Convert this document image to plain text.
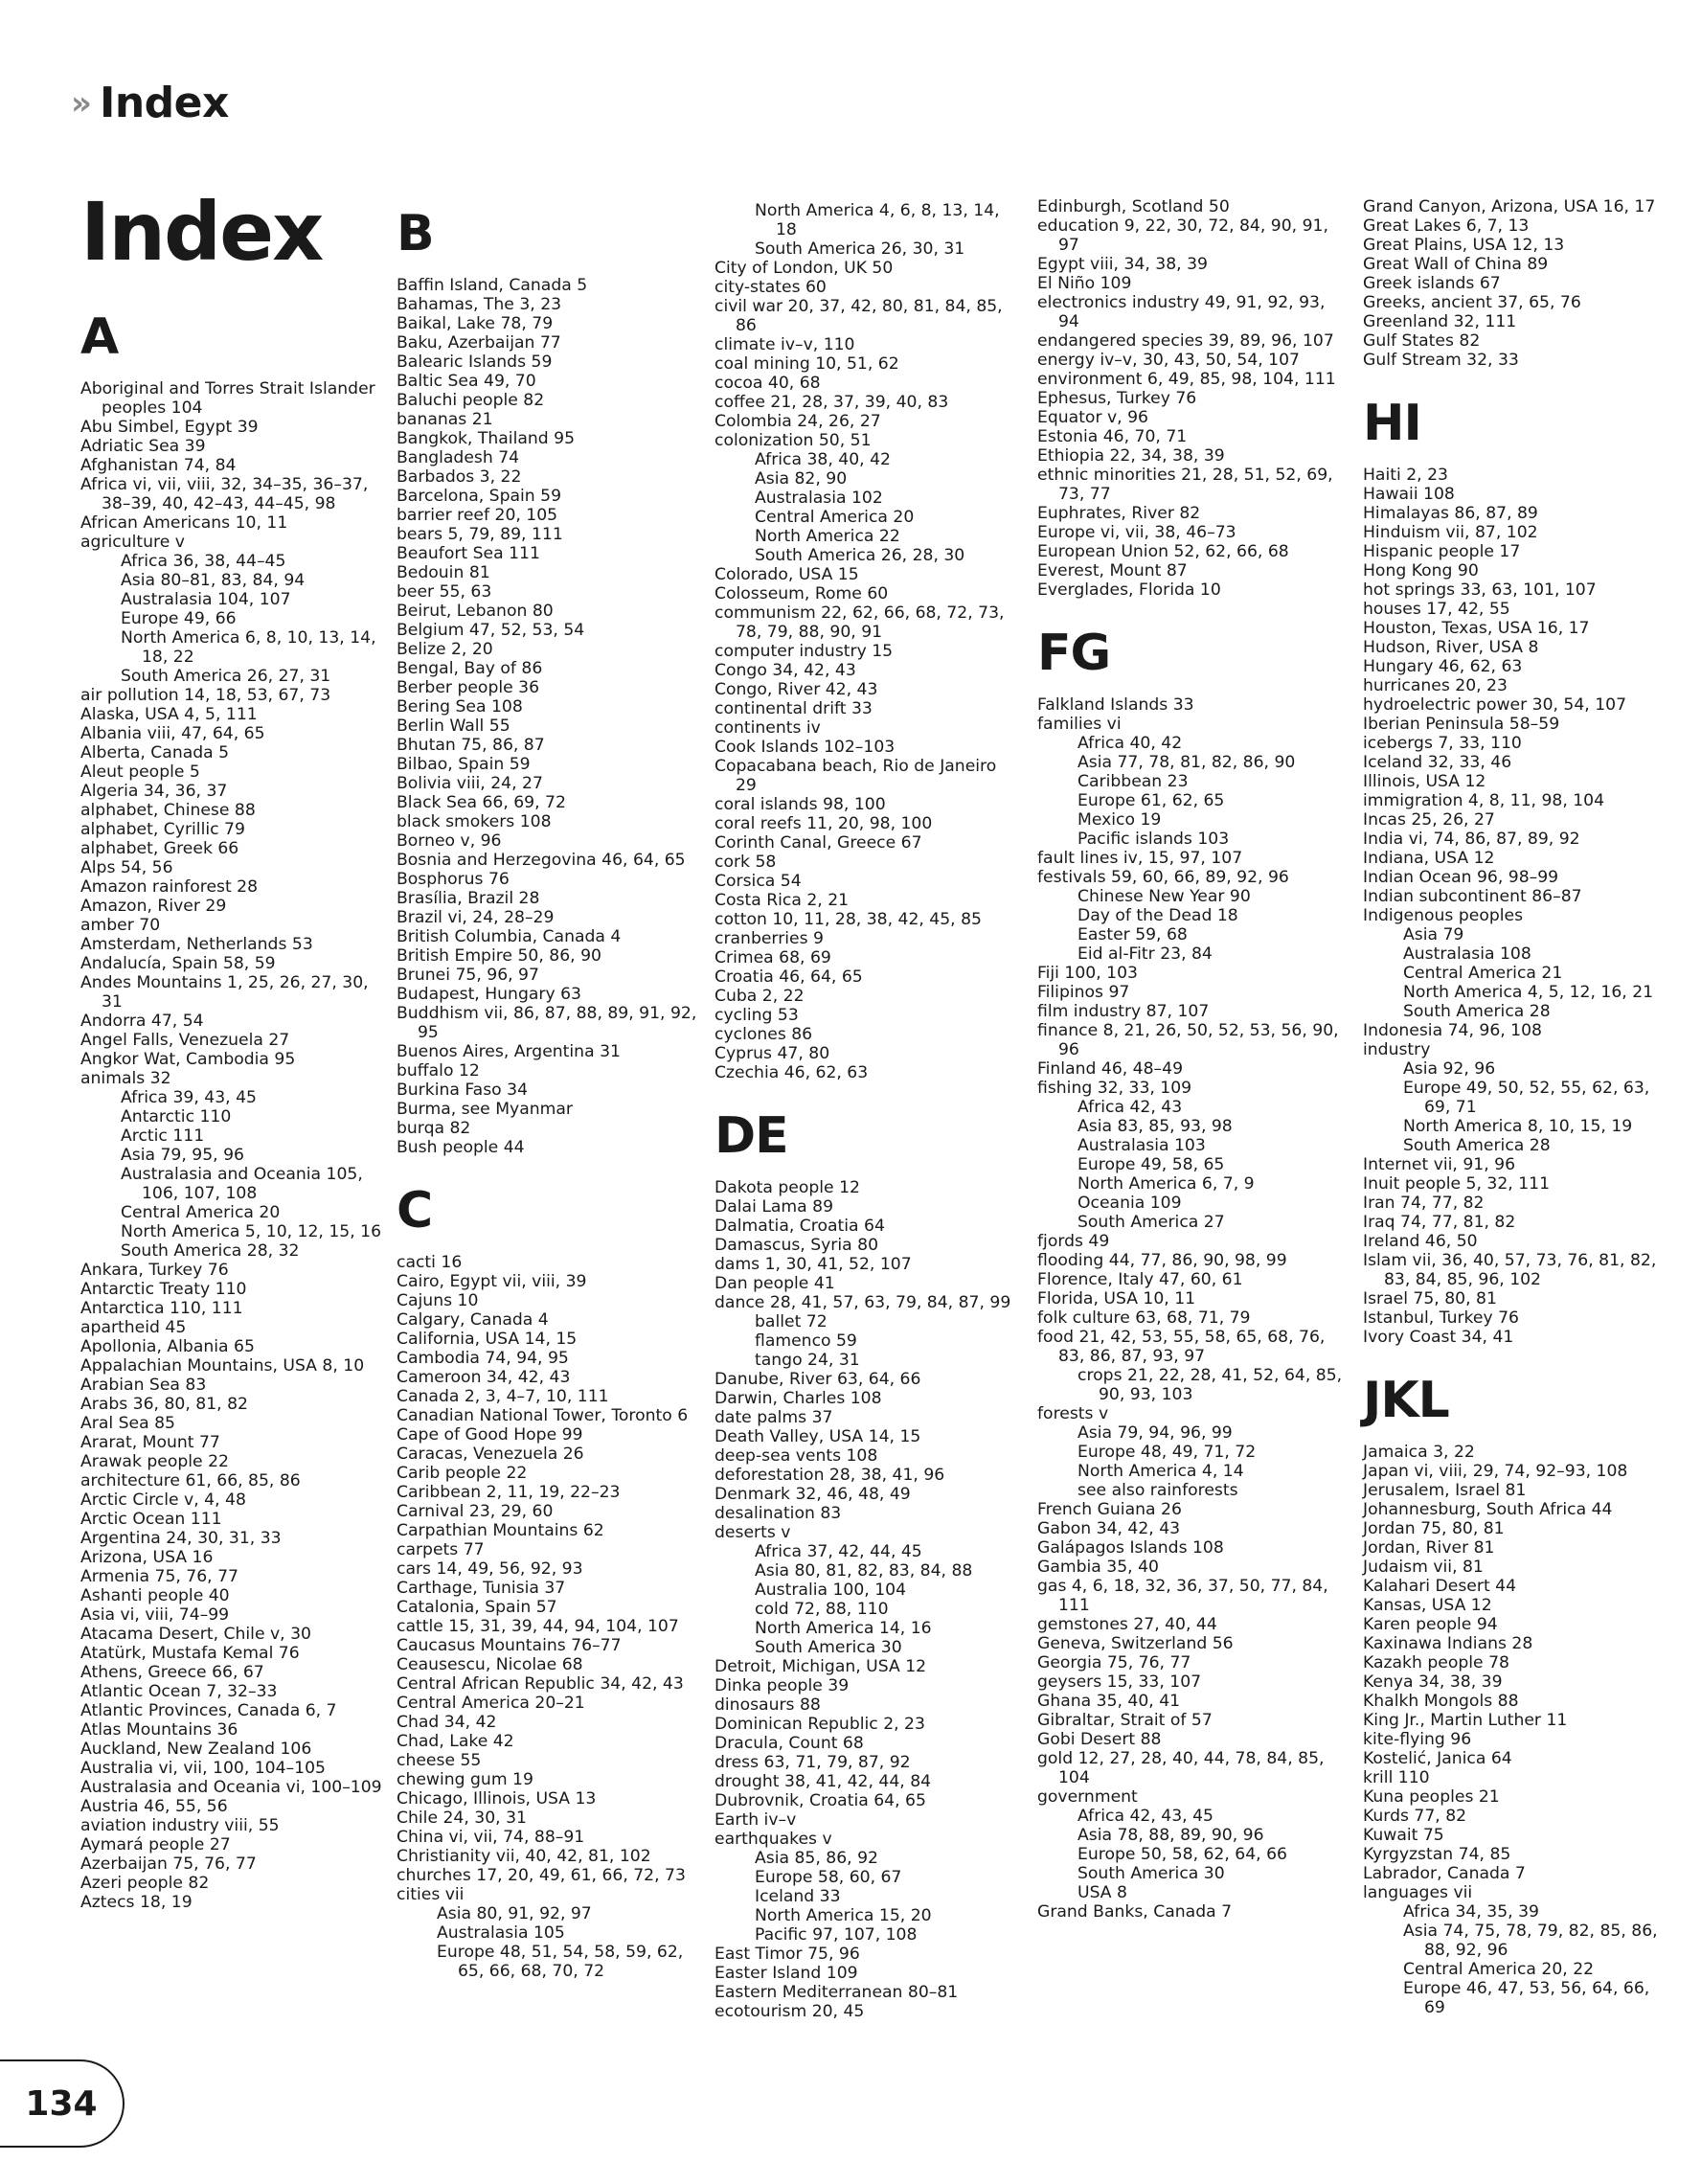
» Index
Index
A
Aboriginal and Torres Strait Islander peoples 104
Abu Simbel, Egypt 39
Adriatic Sea 39
Afghanistan 74, 84
Africa vi, vii, viii, 32, 34–35, 36–37, 38–39, 40, 42–43, 44–45, 98
African Americans 10, 11
agriculture v
Africa 36, 38, 44–45
Asia 80–81, 83, 84, 94
Australasia 104, 107
Europe 49, 66
North America 6, 8, 10, 13, 14, 18, 22
South America 26, 27, 31
air pollution 14, 18, 53, 67, 73
Alaska, USA 4, 5, 111
Albania viii, 47, 64, 65
Alberta, Canada 5
Aleut people 5
Algeria 34, 36, 37
alphabet, Chinese 88
alphabet, Cyrillic 79
alphabet, Greek 66
Alps 54, 56
Amazon rainforest 28
Amazon, River 29
amber 70
Amsterdam, Netherlands 53
Andalucía, Spain 58, 59
Andes Mountains 1, 25, 26, 27, 30, 31
Andorra 47, 54
Angel Falls, Venezuela 27
Angkor Wat, Cambodia 95
animals 32
Africa 39, 43, 45
Antarctic 110
Arctic 111
Asia 79, 95, 96
Australasia and Oceania 105, 106, 107, 108
Central America 20
North America 5, 10, 12, 15, 16
South America 28, 32
Ankara, Turkey 76
Antarctic Treaty 110
Antarctica 110, 111
apartheid 45
Apollonia, Albania 65
Appalachian Mountains, USA 8, 10
Arabian Sea 83
Arabs 36, 80, 81, 82
Aral Sea 85
Ararat, Mount 77
Arawak people 22
architecture 61, 66, 85, 86
Arctic Circle v, 4, 48
Arctic Ocean 111
Argentina 24, 30, 31, 33
Arizona, USA 16
Armenia 75, 76, 77
Ashanti people 40
Asia vi, viii, 74–99
Atacama Desert, Chile v, 30
Atatürk, Mustafa Kemal 76
Athens, Greece 66, 67
Atlantic Ocean 7, 32–33
Atlantic Provinces, Canada 6, 7
Atlas Mountains 36
Auckland, New Zealand 106
Australia vi, vii, 100, 104–105
Australasia and Oceania vi, 100–109
Austria 46, 55, 56
aviation industry viii, 55
Aymará people 27
Azerbaijan 75, 76, 77
Azeri people 82
Aztecs 18, 19
B
Baffin Island, Canada 5
Bahamas, The 3, 23
Baikal, Lake 78, 79
Baku, Azerbaijan 77
Balearic Islands 59
Baltic Sea 49, 70
Baluchi people 82
bananas 21
Bangkok, Thailand 95
Bangladesh 74
Barbados 3, 22
Barcelona, Spain 59
barrier reef 20, 105
bears 5, 79, 89, 111
Beaufort Sea 111
Bedouin 81
beer 55, 63
Beirut, Lebanon 80
Belgium 47, 52, 53, 54
Belize 2, 20
Bengal, Bay of 86
Berber people 36
Bering Sea 108
Berlin Wall 55
Bhutan 75, 86, 87
Bilbao, Spain 59
Bolivia viii, 24, 27
Black Sea 66, 69, 72
black smokers 108
Borneo v, 96
Bosnia and Herzegovina 46, 64, 65
Bosphorus 76
Brasília, Brazil 28
Brazil vi, 24, 28–29
British Columbia, Canada 4
British Empire 50, 86, 90
Brunei 75, 96, 97
Budapest, Hungary 63
Buddhism vii, 86, 87, 88, 89, 91, 92, 95
Buenos Aires, Argentina 31
buffalo 12
Burkina Faso 34
Burma, see Myanmar
burqa 82
Bush people 44
C
cacti 16
Cairo, Egypt vii, viii, 39
Cajuns 10
Calgary, Canada 4
California, USA 14, 15
Cambodia 74, 94, 95
Cameroon 34, 42, 43
Canada 2, 3, 4–7, 10, 111
Canadian National Tower, Toronto 6
Cape of Good Hope 99
Caracas, Venezuela 26
Carib people 22
Caribbean 2, 11, 19, 22–23
Carnival 23, 29, 60
Carpathian Mountains 62
carpets 77
cars 14, 49, 56, 92, 93
Carthage, Tunisia 37
Catalonia, Spain 57
cattle 15, 31, 39, 44, 94, 104, 107
Caucasus Mountains 76–77
Ceausescu, Nicolae 68
Central African Republic 34, 42, 43
Central America 20–21
Chad 34, 42
Chad, Lake 42
cheese 55
chewing gum 19
Chicago, Illinois, USA 13
Chile 24, 30, 31
China vi, vii, 74, 88–91
Christianity vii, 40, 42, 81, 102
churches 17, 20, 49, 61, 66, 72, 73
cities vii
Asia 80, 91, 92, 97
Australasia 105
Europe 48, 51, 54, 58, 59, 62, 65, 66, 68, 70, 72
North America 4, 6, 8, 13, 14, 18
South America 26, 30, 31
City of London, UK 50
city-states 60
civil war 20, 37, 42, 80, 81, 84, 85, 86
climate iv–v, 110
coal mining 10, 51, 62
cocoa 40, 68
coffee 21, 28, 37, 39, 40, 83
Colombia 24, 26, 27
colonization 50, 51
Africa 38, 40, 42
Asia 82, 90
Australasia 102
Central America 20
North America 22
South America 26, 28, 30
Colorado, USA 15
Colosseum, Rome 60
communism 22, 62, 66, 68, 72, 73, 78, 79, 88, 90, 91
computer industry 15
Congo 34, 42, 43
Congo, River 42, 43
continental drift 33
continents iv
Cook Islands 102–103
Copacabana beach, Rio de Janeiro 29
coral islands 98, 100
coral reefs 11, 20, 98, 100
Corinth Canal, Greece 67
cork 58
Corsica 54
Costa Rica 2, 21
cotton 10, 11, 28, 38, 42, 45, 85
cranberries 9
Crimea 68, 69
Croatia 46, 64, 65
Cuba 2, 22
cycling 53
cyclones 86
Cyprus 47, 80
Czechia 46, 62, 63
DE
Dakota people 12
Dalai Lama 89
Dalmatia, Croatia 64
Damascus, Syria 80
dams 1, 30, 41, 52, 107
Dan people 41
dance 28, 41, 57, 63, 79, 84, 87, 99
ballet 72
flamenco 59
tango 24, 31
Danube, River 63, 64, 66
Darwin, Charles 108
date palms 37
Death Valley, USA 14, 15
deep-sea vents 108
deforestation 28, 38, 41, 96
Denmark 32, 46, 48, 49
desalination 83
deserts v
Africa 37, 42, 44, 45
Asia 80, 81, 82, 83, 84, 88
Australia 100, 104
cold 72, 88, 110
North America 14, 16
South America 30
Detroit, Michigan, USA 12
Dinka people 39
dinosaurs 88
Dominican Republic 2, 23
Dracula, Count 68
dress 63, 71, 79, 87, 92
drought 38, 41, 42, 44, 84
Dubrovnik, Croatia 64, 65
Earth iv–v
earthquakes v
Asia 85, 86, 92
Europe 58, 60, 67
Iceland 33
North America 15, 20
Pacific 97, 107, 108
East Timor 75, 96
Easter Island 109
Eastern Mediterranean 80–81
ecotourism 20, 45
Edinburgh, Scotland 50
education 9, 22, 30, 72, 84, 90, 91, 97
Egypt viii, 34, 38, 39
El Niño 109
electronics industry 49, 91, 92, 93, 94
endangered species 39, 89, 96, 107
energy iv–v, 30, 43, 50, 54, 107
environment 6, 49, 85, 98, 104, 111
Ephesus, Turkey 76
Equator v, 96
Estonia 46, 70, 71
Ethiopia 22, 34, 38, 39
ethnic minorities 21, 28, 51, 52, 69, 73, 77
Euphrates, River 82
Europe vi, vii, 38, 46–73
European Union 52, 62, 66, 68
Everest, Mount 87
Everglades, Florida 10
FG
Falkland Islands 33
families vi
Africa 40, 42
Asia 77, 78, 81, 82, 86, 90
Caribbean 23
Europe 61, 62, 65
Mexico 19
Pacific islands 103
fault lines iv, 15, 97, 107
festivals 59, 60, 66, 89, 92, 96
Chinese New Year 90
Day of the Dead 18
Easter 59, 68
Eid al-Fitr 23, 84
Fiji 100, 103
Filipinos 97
film industry 87, 107
finance 8, 21, 26, 50, 52, 53, 56, 90, 96
Finland 46, 48–49
fishing 32, 33, 109
Africa 42, 43
Asia 83, 85, 93, 98
Australasia 103
Europe 49, 58, 65
North America 6, 7, 9
Oceania 109
South America 27
fjords 49
flooding 44, 77, 86, 90, 98, 99
Florence, Italy 47, 60, 61
Florida, USA 10, 11
folk culture 63, 68, 71, 79
food 21, 42, 53, 55, 58, 65, 68, 76, 83, 86, 87, 93, 97
crops 21, 22, 28, 41, 52, 64, 85, 90, 93, 103
forests v
Asia 79, 94, 96, 99
Europe 48, 49, 71, 72
North America 4, 14
see also rainforests
French Guiana 26
Gabon 34, 42, 43
Galápagos Islands 108
Gambia 35, 40
gas 4, 6, 18, 32, 36, 37, 50, 77, 84, 111
gemstones 27, 40, 44
Geneva, Switzerland 56
Georgia 75, 76, 77
geysers 15, 33, 107
Ghana 35, 40, 41
Gibraltar, Strait of 57
Gobi Desert 88
gold 12, 27, 28, 40, 44, 78, 84, 85, 104
government
Africa 42, 43, 45
Asia 78, 88, 89, 90, 96
Europe 50, 58, 62, 64, 66
South America 30
USA 8
Grand Banks, Canada 7
Grand Canyon, Arizona, USA 16, 17
Great Lakes 6, 7, 13
Great Plains, USA 12, 13
Great Wall of China 89
Greek islands 67
Greeks, ancient 37, 65, 76
Greenland 32, 111
Gulf States 82
Gulf Stream 32, 33
HI
Haiti 2, 23
Hawaii 108
Himalayas 86, 87, 89
Hinduism vii, 87, 102
Hispanic people 17
Hong Kong 90
hot springs 33, 63, 101, 107
houses 17, 42, 55
Houston, Texas, USA 16, 17
Hudson, River, USA 8
Hungary 46, 62, 63
hurricanes 20, 23
hydroelectric power 30, 54, 107
Iberian Peninsula 58–59
icebergs 7, 33, 110
Iceland 32, 33, 46
Illinois, USA 12
immigration 4, 8, 11, 98, 104
Incas 25, 26, 27
India vi, 74, 86, 87, 89, 92
Indiana, USA 12
Indian Ocean 96, 98–99
Indian subcontinent 86–87
Indigenous peoples
Asia 79
Australasia 108
Central America 21
North America 4, 5, 12, 16, 21
South America 28
Indonesia 74, 96, 108
industry
Asia 92, 96
Europe 49, 50, 52, 55, 62, 63, 69, 71
North America 8, 10, 15, 19
South America 28
Internet vii, 91, 96
Inuit people 5, 32, 111
Iran 74, 77, 82
Iraq 74, 77, 81, 82
Ireland 46, 50
Islam vii, 36, 40, 57, 73, 76, 81, 82, 83, 84, 85, 96, 102
Israel 75, 80, 81
Istanbul, Turkey 76
Ivory Coast 34, 41
JKL
Jamaica 3, 22
Japan vi, viii, 29, 74, 92–93, 108
Jerusalem, Israel 81
Johannesburg, South Africa 44
Jordan 75, 80, 81
Jordan, River 81
Judaism vii, 81
Kalahari Desert 44
Kansas, USA 12
Karen people 94
Kaxinawa Indians 28
Kazakh people 78
Kenya 34, 38, 39
Khalkh Mongols 88
King Jr., Martin Luther 11
kite-flying 96
Kostelić, Janica 64
krill 110
Kuna peoples 21
Kurds 77, 82
Kuwait 75
Kyrgyzstan 74, 85
Labrador, Canada 7
languages vii
Africa 34, 35, 39
Asia 74, 75, 78, 79, 82, 85, 86, 88, 92, 96
Central America 20, 22
Europe 46, 47, 53, 56, 64, 66, 69
134
